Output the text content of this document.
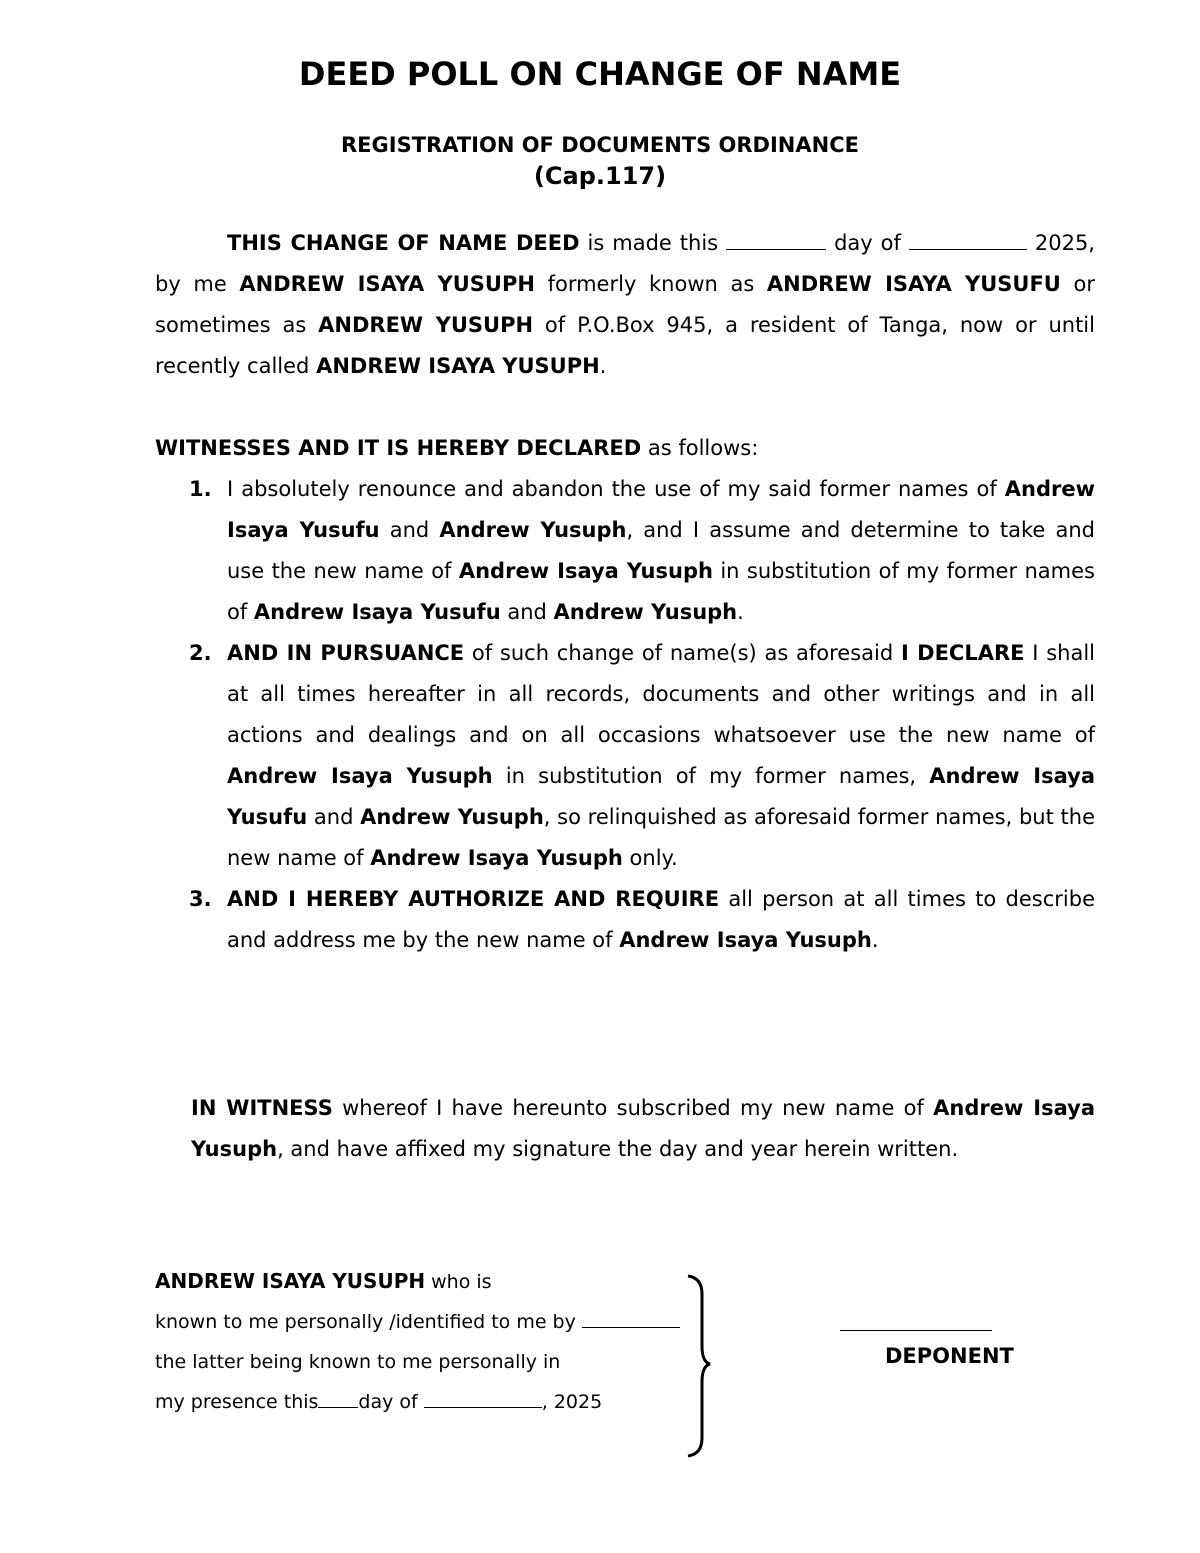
DEED POLL ON CHANGE OF NAME
REGISTRATION OF DOCUMENTS ORDINANCE
(Cap.117)

THIS CHANGE OF NAME DEED is made this	day of	2025, by me ANDREW ISAYA YUSUPH formerly known as ANDREW ISAYA YUSUFU or sometimes as ANDREW YUSUPH of P.O.Box 945, a resident of Tanga, now or until recently called ANDREW ISAYA YUSUPH.

WITNESSES AND IT IS HEREBY DECLARED as follows:

1. I absolutely renounce and abandon the use of my said former names of Andrew Isaya Yusufu and Andrew Yusuph, and I assume and determine to take and use the new name of Andrew Isaya Yusuph in substitution of my former names of Andrew Isaya Yusufu and Andrew Yusuph.
2. AND IN PURSUANCE of such change of name(s) as aforesaid I DECLARE I shall at all times hereafter in all records, documents and other writings and in all actions and dealings and on all occasions whatsoever use the new name of Andrew Isaya Yusuph in substitution of my former names, Andrew Isaya Yusufu and Andrew Yusuph, so relinquished as aforesaid former names, but the new name of Andrew Isaya Yusuph only.
3. AND I HEREBY AUTHORIZE AND REQUIRE all person at all times to describe and address me by the new name of Andrew Isaya Yusuph.

IN WITNESS whereof I have hereunto subscribed my new name of Andrew Isaya Yusuph, and have affixed my signature the day and year herein written.

ANDREW ISAYA YUSUPH who is
known to me personally /identified to me by
the latter being known to me personally in
my presence this day of	, 2025

DEPONENT
